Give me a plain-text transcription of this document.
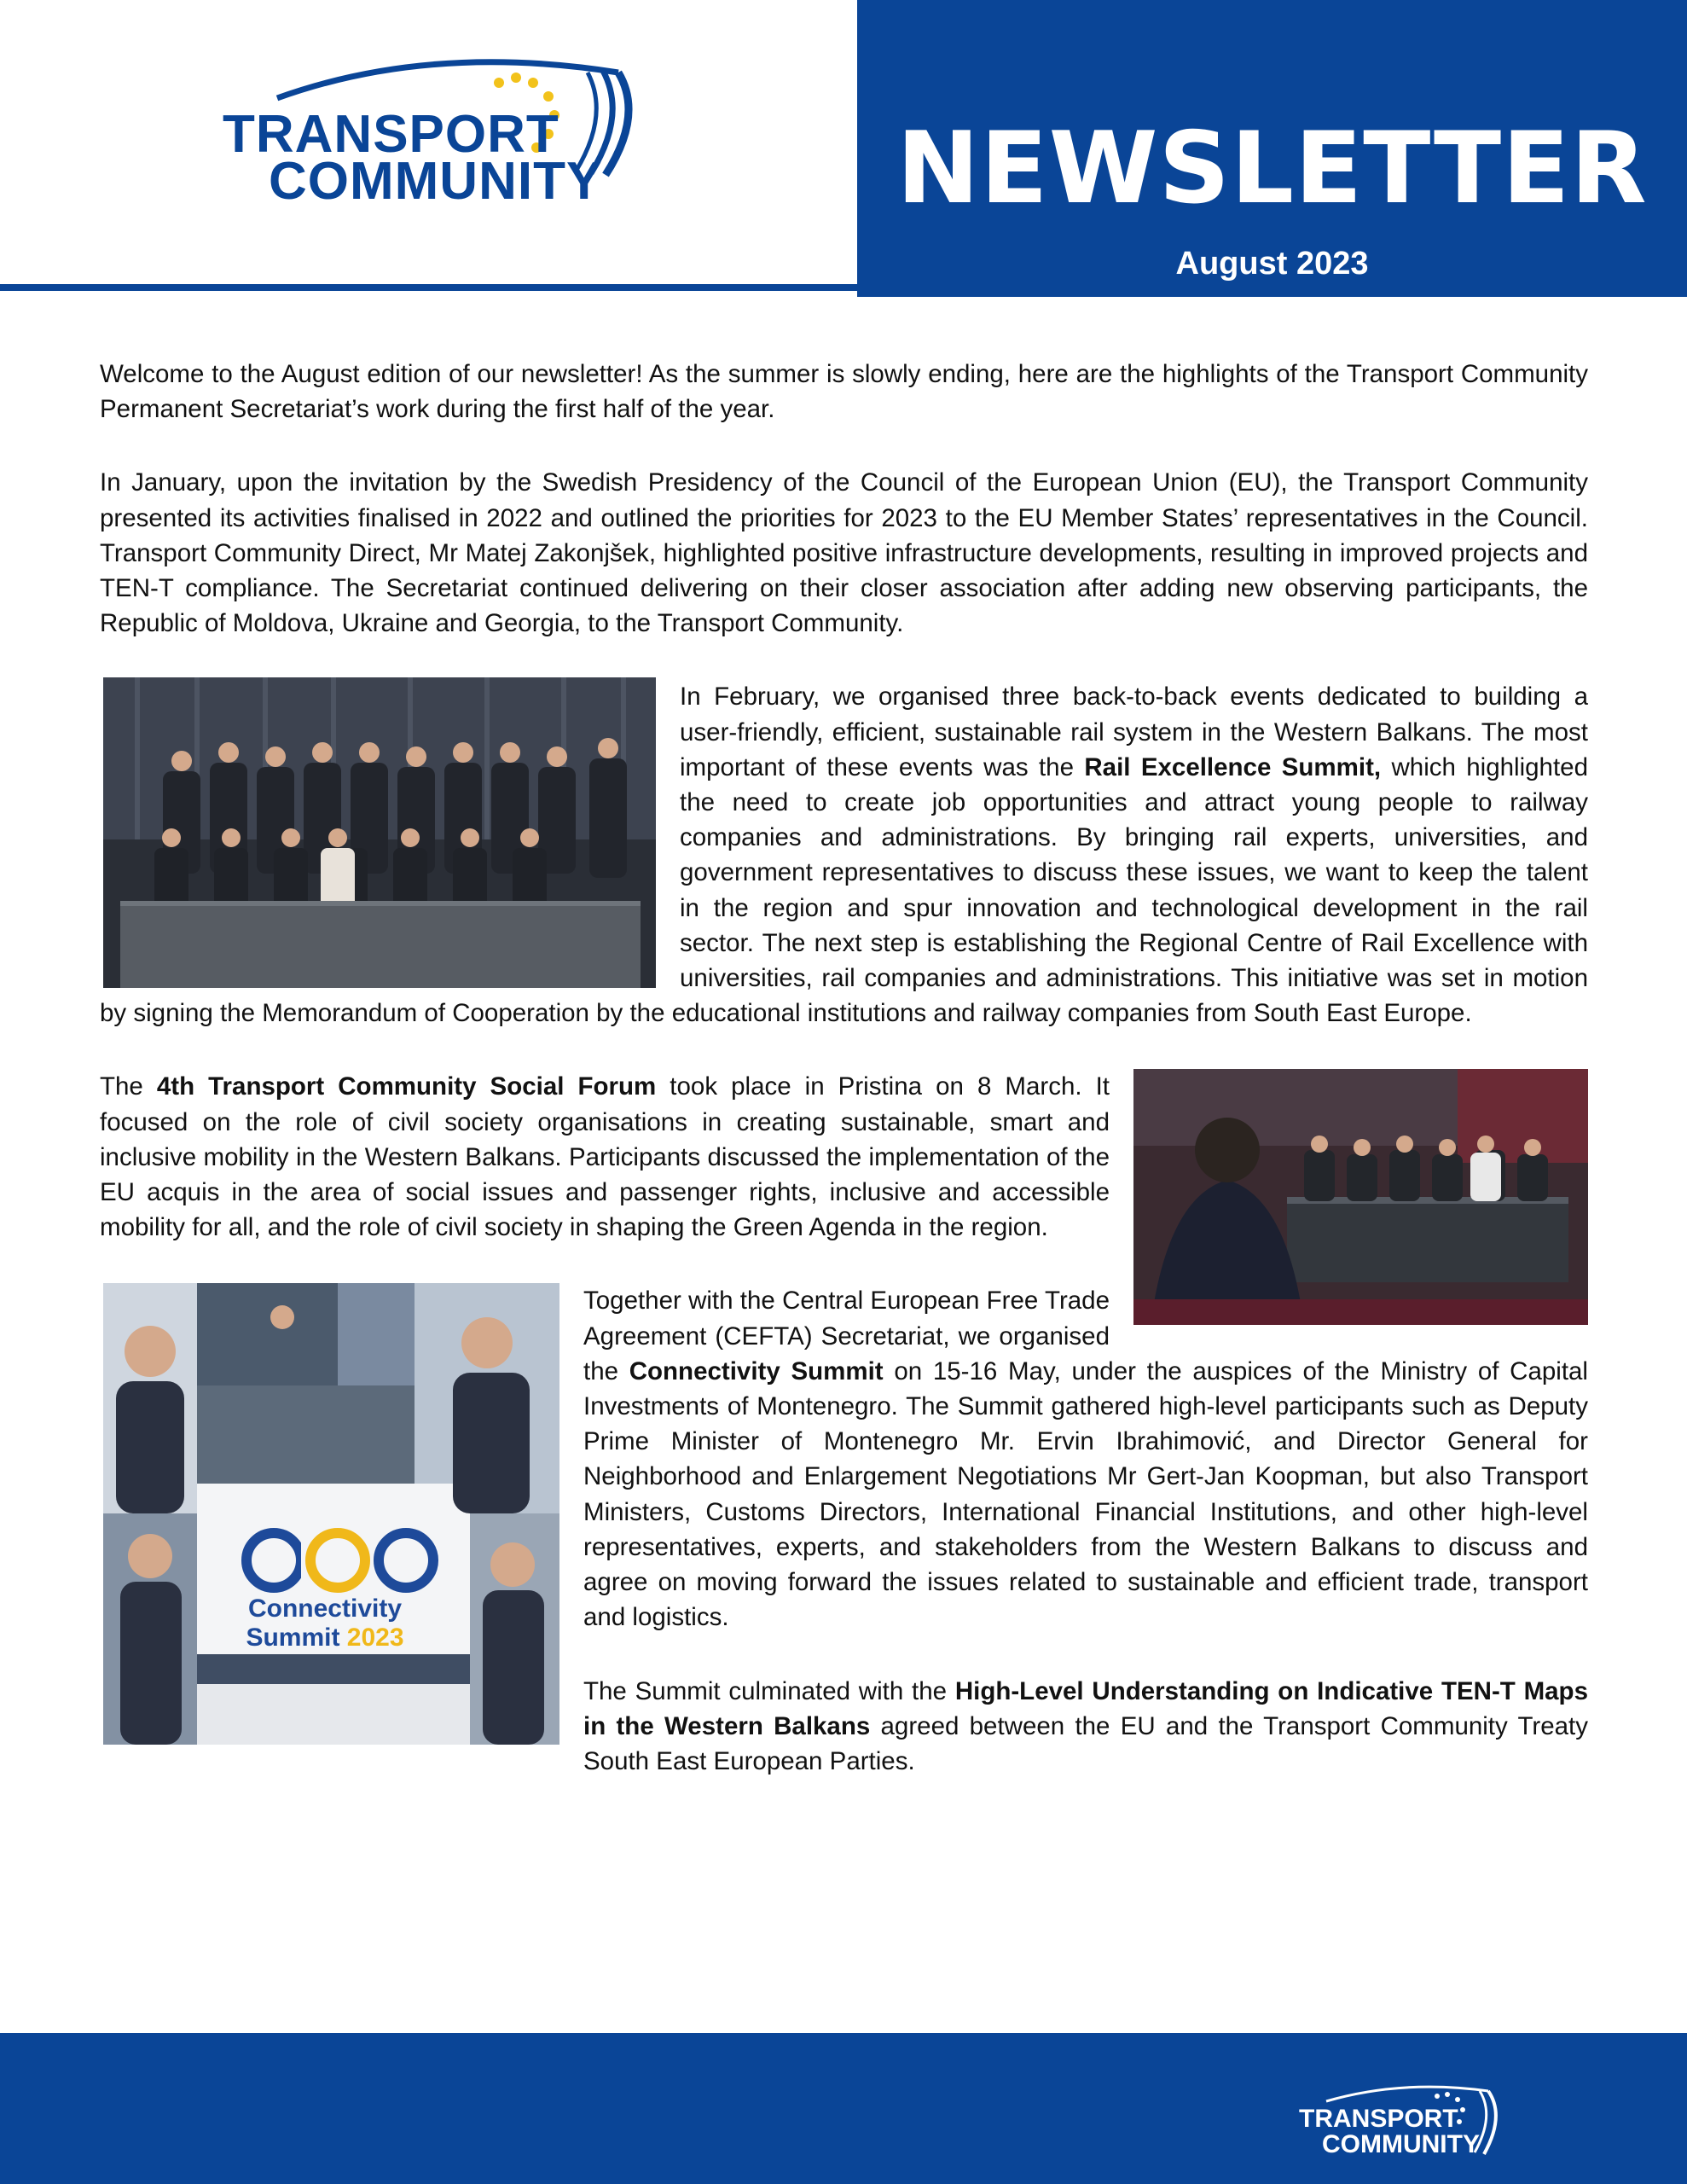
TRANSPORT
COMMUNITY	NEWSLETTER
August 2023

Welcome to the August edition of our newsletter! As the summer is slowly ending, here are the highlights of the Transport Community Permanent Secretariat’s work during the first half of the year.

In January, upon the invitation by the Swedish Presidency of the Council of the European Union (EU), the Transport Community presented its activities finalised in 2022 and outlined the priorities for 2023 to the EU Member States’ representatives in the Council. Transport Community Direct, Mr Matej Zakonjšek, highlighted positive infrastructure developments, resulting in improved projects and TEN-T compliance. The Secretariat continued delivering on their closer association after adding new observing participants, the Republic of Moldova, Ukraine and Georgia, to the Transport Community.

In February, we organised three back-to-back events dedicated to building a user-friendly, efficient, sustainable rail system in the Western Balkans. The most important of these events was the Rail Excellence Summit, which highlighted the need to create job opportunities and attract young people to railway companies and administrations. By bringing rail experts, universities, and government representatives to discuss these issues, we want to keep the talent in the region and spur innovation and technological development in the rail sector. The next step is establishing the Regional Centre of Rail Excellence with universities, rail companies and administrations. This initiative was set in motion by signing the Memorandum of Cooperation by the educational institutions and railway companies from South East Europe.

The 4th Transport Community Social Forum took place in Pristina on 8 March. It focused on the role of civil society organisations in creating sustainable, smart and inclusive mobility in the Western Balkans. Participants discussed the implementation of the EU acquis in the area of social issues and passenger rights, inclusive and accessible mobility for all, and the role of civil society in shaping the Green Agenda in the region.

Connectivity
Summit 2023

Together with the Central European Free Trade Agreement (CEFTA) Secretariat, we organised the Connectivity Summit on 15-16 May, under the auspices of the Ministry of Capital Investments of Montenegro. The Summit gathered high-level participants such as Deputy Prime Minister of Montenegro Mr. Ervin Ibrahimović, and Director General for Neighborhood and Enlargement Negotiations Mr Gert-Jan Koopman, but also Transport Ministers, Customs Directors, International Financial Institutions, and other high-level representatives, experts, and stakeholders from the Western Balkans to discuss and agree on moving forward the issues related to sustainable and efficient trade, transport and logistics.

The Summit culminated with the High-Level Understanding on Indicative TEN-T Maps in the Western Balkans agreed between the EU and the Transport Community Treaty South East European Parties.

TRANSPORT
COMMUNITY
